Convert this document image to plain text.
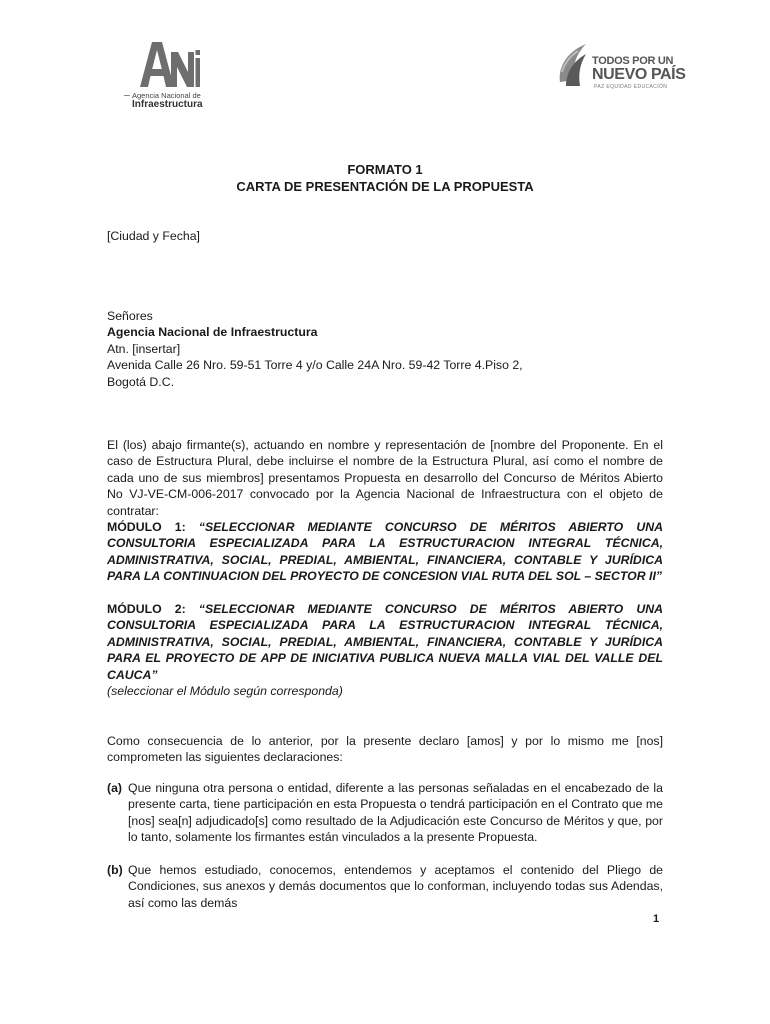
Agencia Nacional de
Infraestructura
TODOS POR UN
NUEVO PAÍS
PAZ EQUIDAD EDUCACIÓN
FORMATO 1
CARTA DE PRESENTACIÓN DE LA PROPUESTA
[Ciudad y Fecha]
Señores
Agencia Nacional de Infraestructura
Atn. [insertar]
Avenida Calle 26 Nro. 59-51 Torre 4 y/o Calle 24A Nro. 59-42 Torre 4.Piso 2,
Bogotá D.C.
El (los) abajo firmante(s), actuando en nombre y representación de [nombre del Proponente. En el caso de Estructura Plural, debe incluirse el nombre de la Estructura Plural, así como el nombre de cada uno de sus miembros] presentamos Propuesta en desarrollo del Concurso de Méritos Abierto No VJ-VE-CM-006-2017 convocado por la Agencia Nacional de Infraestructura con el objeto de contratar:
MÓDULO 1: “SELECCIONAR MEDIANTE CONCURSO DE MÉRITOS ABIERTO UNA CONSULTORIA ESPECIALIZADA PARA LA ESTRUCTURACION INTEGRAL TÉCNICA, ADMINISTRATIVA, SOCIAL, PREDIAL, AMBIENTAL, FINANCIERA, CONTABLE Y JURÍDICA PARA LA CONTINUACION DEL PROYECTO DE CONCESION VIAL RUTA DEL SOL – SECTOR II”
MÓDULO 2: “SELECCIONAR MEDIANTE CONCURSO DE MÉRITOS ABIERTO UNA CONSULTORIA ESPECIALIZADA PARA LA ESTRUCTURACION INTEGRAL TÉCNICA, ADMINISTRATIVA, SOCIAL, PREDIAL, AMBIENTAL, FINANCIERA, CONTABLE Y JURÍDICA PARA EL PROYECTO DE APP DE INICIATIVA PUBLICA NUEVA MALLA VIAL DEL VALLE DEL CAUCA”
(seleccionar el Módulo según corresponda)
Como consecuencia de lo anterior, por la presente declaro [amos] y por lo mismo me [nos] comprometen las siguientes declaraciones:
(a) Que ninguna otra persona o entidad, diferente a las personas señaladas en el encabezado de la presente carta, tiene participación en esta Propuesta o tendrá participación en el Contrato que me [nos] sea[n] adjudicado[s] como resultado de la Adjudicación este Concurso de Méritos y que, por lo tanto, solamente los firmantes están vinculados a la presente Propuesta.
(b) Que hemos estudiado, conocemos, entendemos y aceptamos el contenido del Pliego de Condiciones, sus anexos y demás documentos que lo conforman, incluyendo todas sus Adendas, así como las demás
1
